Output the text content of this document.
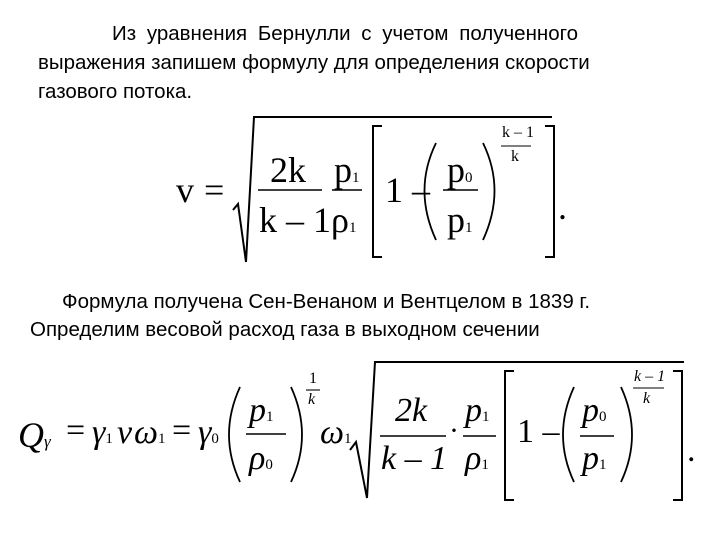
Из уравнения Бернулли с учетом полученного
выражения запишем формулу для определения скорости
газового потока.
v = 2k
k – 1
p1
ρ1
1 – p0
p1
k – 1
k
.
Формула получена Сен-Венаном и Вентцелом в 1839 г.
Определим весовой расход газа в выходном сечении
Qγ = γ1 v ω1 = γ0
p1
ρ0
1
k
ω1
2k
k – 1
·
p1
ρ1
1 –
p0
p1
k – 1
k
.
